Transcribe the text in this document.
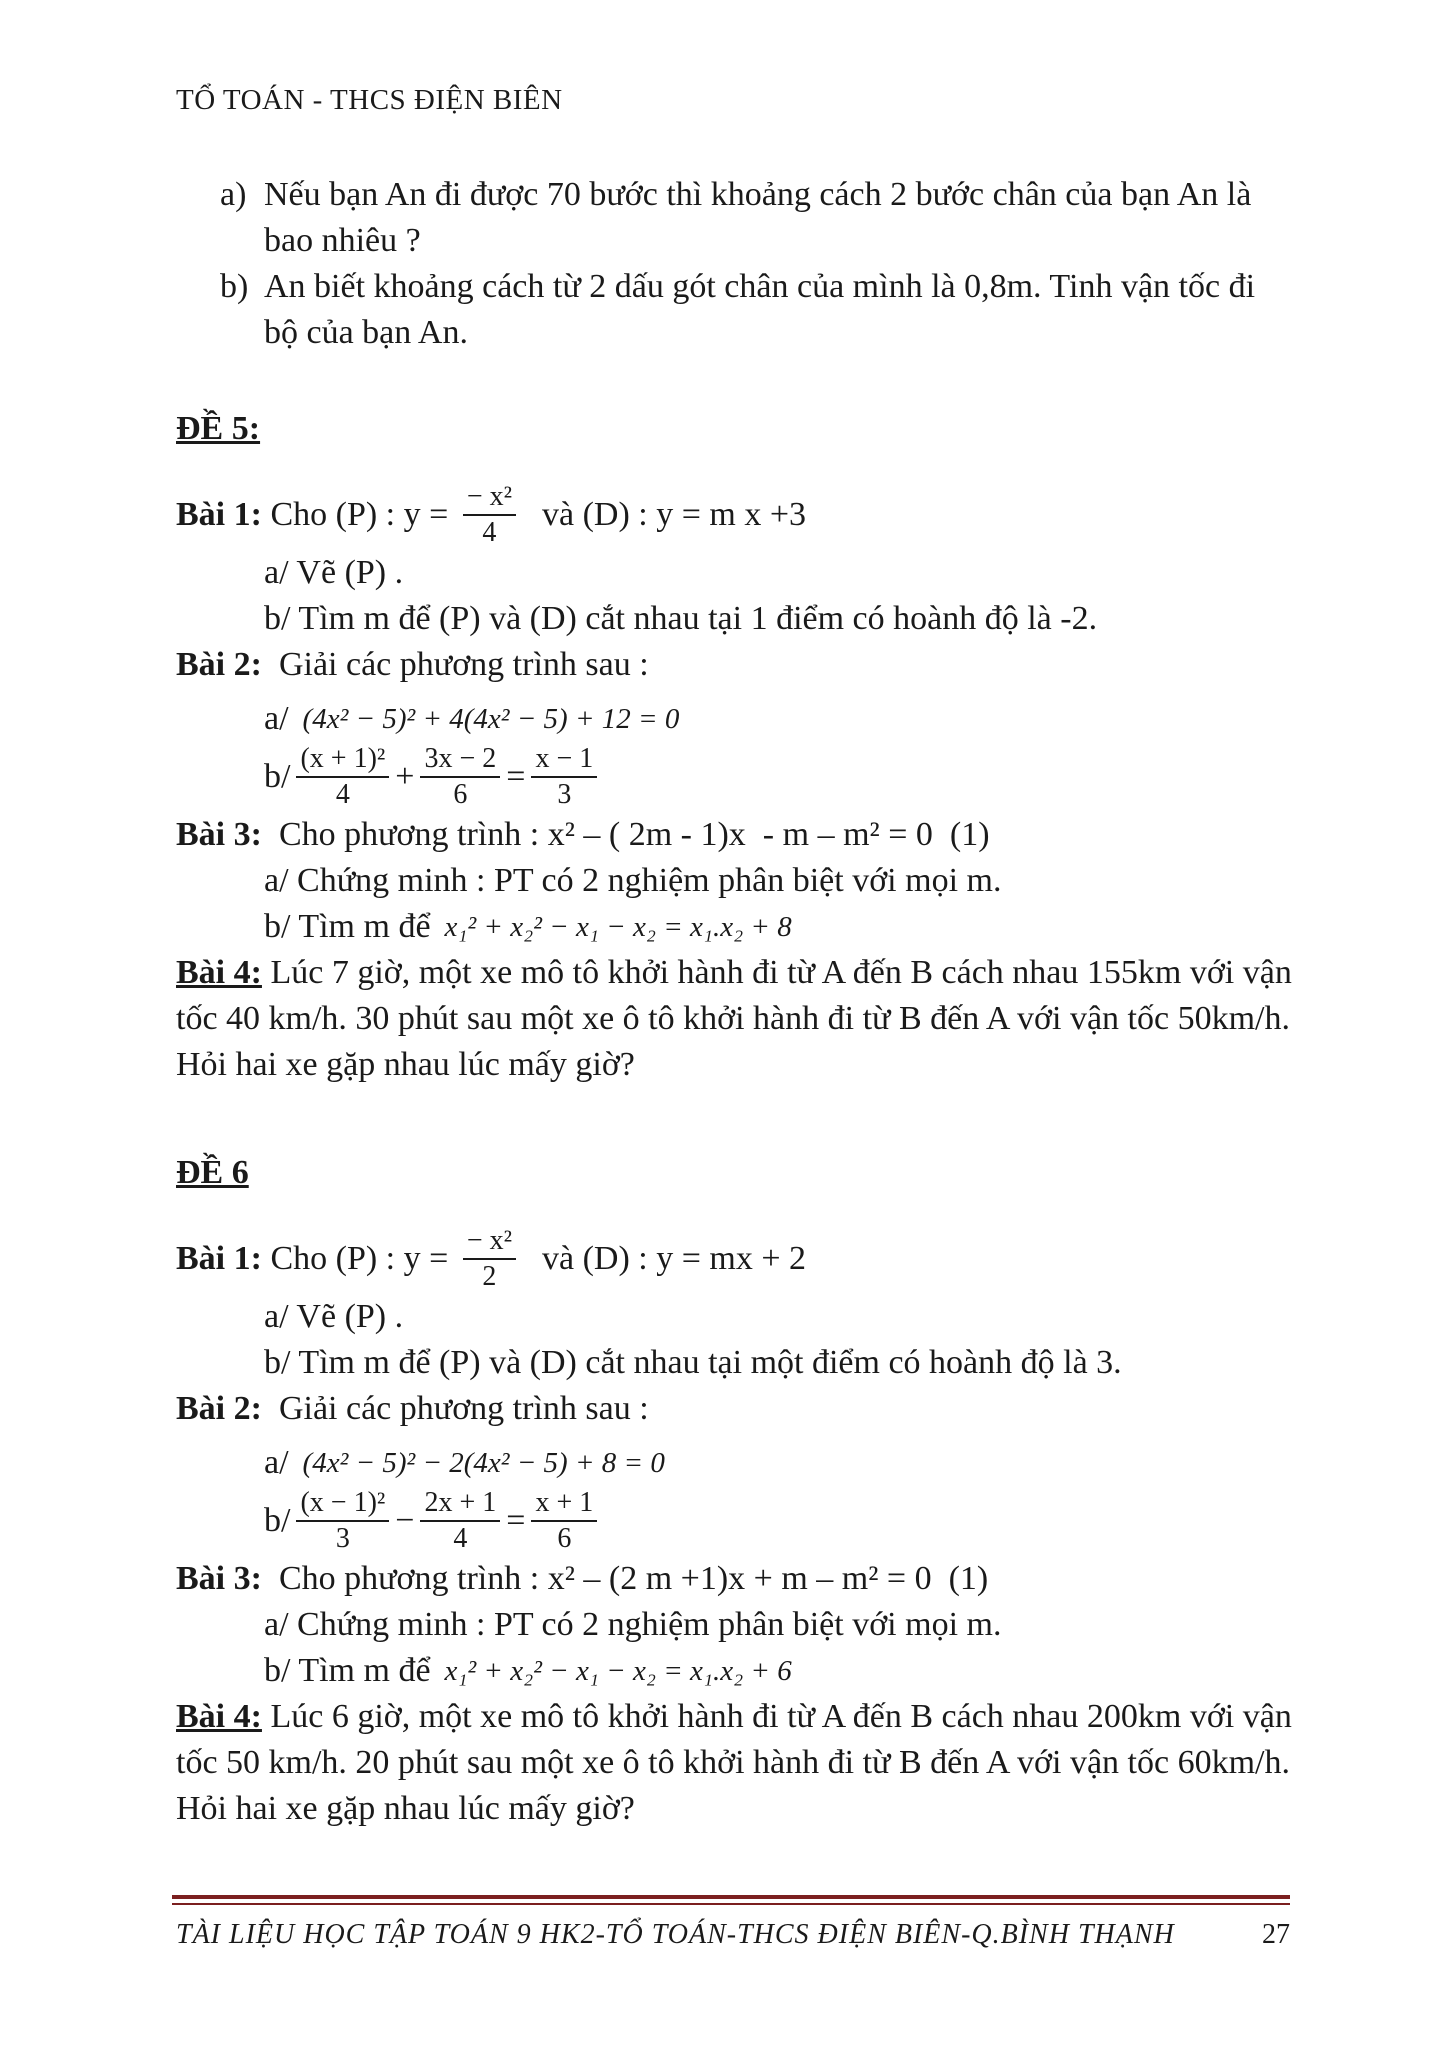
TỔ TOÁN - THCS ĐIỆN BIÊN
a) Nếu bạn An đi được 70 bước thì khoảng cách 2 bước chân của bạn An là bao nhiêu ?
b) An biết khoảng cách từ 2 dấu gót chân của mình là 0,8m. Tinh vận tốc đi bộ của bạn An.
ĐỀ 5:
Bài 1: Cho (P) : $y = \frac{\text{− x²}}{4}$ và (D) : y = m x +3
a/ Vẽ (P) .
b/ Tìm m để (P) và (D) cắt nhau tại 1 điểm có hoành độ là -2.
Bài 2:  Giải các phương trình sau :
a/ (4x² − 5)² + 4(4x² − 5) + 12 = 0
$b/ \frac{\text{(x + 1)²}}{4} + \frac{3x - 2}{6} = \frac{x - 1}{3}$
Bài 3:  Cho phương trình : x² – ( 2m - 1)x  - m – m² = 0  (1)
a/ Chứng minh : PT có 2 nghiệm phân biệt với mọi m.
b/ Tìm m để x₁² + x₂² − x₁ − x₂ = x₁.x₂ + 8
Bài 4: Lúc 7 giờ, một xe mô tô khởi hành đi từ A đến B cách nhau 155km với vận tốc 40 km/h. 30 phút sau một xe ô tô khởi hành đi từ B đến A với vận tốc 50km/h. Hỏi hai xe gặp nhau lúc mấy giờ?
ĐỀ 6
Bài 1: Cho (P) : $y = \frac{\text{− x²}}{2}$ và (D) : y = mx + 2
a/ Vẽ (P) .
b/ Tìm m để (P) và (D) cắt nhau tại một điểm có hoành độ là 3.
Bài 2:  Giải các phương trình sau :
a/ (4x² − 5)² − 2(4x² − 5) + 8 = 0
$b/ \frac{\text{(x − 1)²}}{3} - \frac{2x + 1}{4} = \frac{x + 1}{6}$
Bài 3:  Cho phương trình : x² – (2 m +1)x + m – m² = 0  (1)
a/ Chứng minh : PT có 2 nghiệm phân biệt với mọi m.
b/ Tìm m để x₁² + x₂² − x₁ − x₂ = x₁.x₂ + 6
Bài 4: Lúc 6 giờ, một xe mô tô khởi hành đi từ A đến B cách nhau 200km với vận tốc 50 km/h. 20 phút sau một xe ô tô khởi hành đi từ B đến A với vận tốc 60km/h. Hỏi hai xe gặp nhau lúc mấy giờ?
TÀI LIỆU HỌC TẬP TOÁN 9 HK2-TỔ TOÁN-THCS ĐIỆN BIÊN-Q.BÌNH THẠNH	27
